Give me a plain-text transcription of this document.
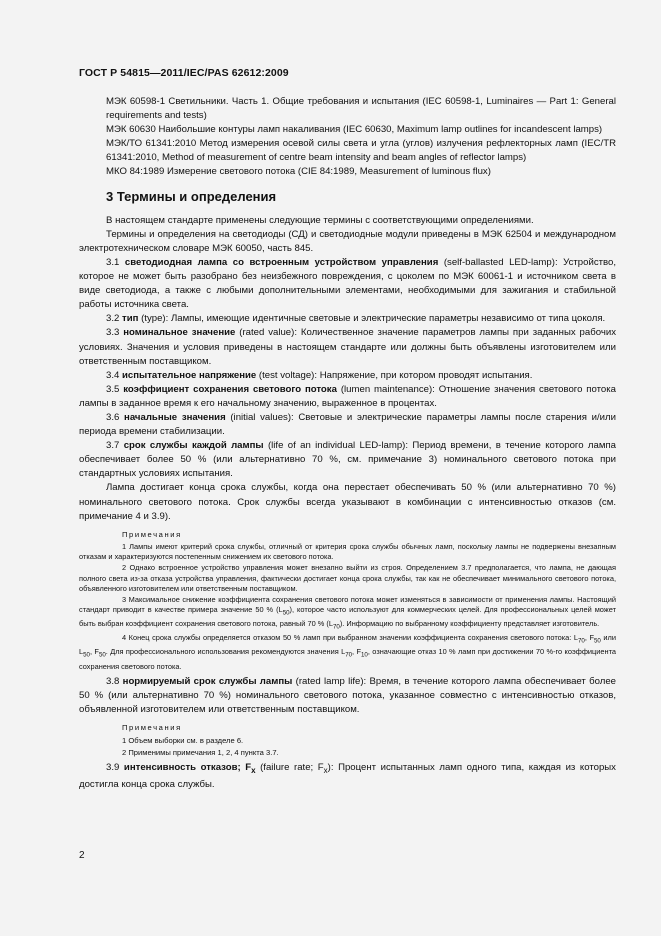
ГОСТ Р 54815—2011/IEC/PAS 62612:2009

МЭК 60598-1 Светильники. Часть 1. Общие требования и испытания (IEC 60598-1, Luminaires — Part 1: General requirements and tests)

МЭК 60630 Наибольшие контуры ламп накаливания (IEC 60630, Maximum lamp outlines for incandescent lamps)

МЭК/ТО 61341:2010 Метод измерения осевой силы света и угла (углов) излучения рефлекторных ламп (IEC/TR 61341:2010, Method of measurement of centre beam intensity and beam angles of reflector lamps)

МКО 84:1989 Измерение светового потока (CIE 84:1989, Measurement of luminous flux)

3 Термины и определения

В настоящем стандарте применены следующие термины с соответствующими определениями.

Термины и определения на светодиоды (СД) и светодиодные модули приведены в МЭК 62504 и международном электротехническом словаре МЭК 60050, часть 845.

3.1 светодиодная лампа со встроенным устройством управления (self-ballasted LED-lamp): Устройство, которое не может быть разобрано без неизбежного повреждения, с цоколем по МЭК 60061-1 и источником света в виде светодиода, а также с любыми дополнительными элементами, необходимыми для зажигания и стабильной работы источника света.

3.2 тип (type): Лампы, имеющие идентичные световые и электрические параметры независимо от типа цоколя.

3.3 номинальное значение (rated value): Количественное значение параметров лампы при заданных рабочих условиях. Значения и условия приведены в настоящем стандарте или должны быть объявлены изготовителем или ответственным поставщиком.

3.4 испытательное напряжение (test voltage): Напряжение, при котором проводят испытания.

3.5 коэффициент сохранения светового потока (lumen maintenance): Отношение значения светового потока лампы в заданное время к его начальному значению, выраженное в процентах.

3.6 начальные значения (initial values): Световые и электрические параметры лампы после старения и/или периода времени стабилизации.

3.7 срок службы каждой лампы (life of an individual LED-lamp): Период времени, в течение которого лампа обеспечивает более 50 % (или альтернативно 70 %, см. примечание 3) номинального светового потока при стандартных условиях испытания.

Лампа достигает конца срока службы, когда она перестает обеспечивать 50 % (или альтернативно 70 %) номинального светового потока. Срок службы всегда указывают в комбинации с интенсивностью отказов (см. примечание 4 и 3.9).

Примечания

1 Лампы имеют критерий срока службы, отличный от критерия срока службы обычных ламп, поскольку лампы не подвержены внезапным отказам и характеризуются постепенным снижением их светового потока.

2 Однако встроенное устройство управления может внезапно выйти из строя. Определением 3.7 предполагается, что лампа, не дающая полного света из-за отказа устройства управления, фактически достигает конца срока службы, так как не обеспечивает минимального светового потока, объявленного изготовителем или ответственным поставщиком.

3 Максимальное снижение коэффициента сохранения светового потока может изменяться в зависимости от применения лампы. Настоящий стандарт приводит в качестве примера значение 50 % $(L_{50})$, которое часто используют для коммерческих целей. Для профессиональных целей может быть выбран коэффициент сохранения светового потока, равный 70 % $(L_{70})$. Информацию по выбранному коэффициенту представляет изготовитель.

4 Конец срока службы определяется отказом 50 % ламп при выбранном значении коэффициента сохранения светового потока: $L_{70}$, $F_{50}$ или $L_{50}$, $F_{50}$. Для профессионального использования рекомендуются значения $L_{70}$, $F_{10}$, означающие отказ 10 % ламп при достижении 70 %-го коэффициента сохранения светового потока.

3.8 нормируемый срок службы лампы (rated lamp life): Время, в течение которого лампа обеспечивает более 50 % (или альтернативно 70 %) номинального светового потока, указанное совместно с интенсивностью отказов, объявленной изготовителем или ответственным поставщиком.

Примечания

1 Объем выборки см. в разделе 6.

2 Применимы примечания 1, 2, 4 пункта 3.7.

3.9 интенсивность отказов; $F_x$ (failure rate; $F_x$): Процент испытанных ламп одного типа, каждая из которых достигла конца срока службы.

2
